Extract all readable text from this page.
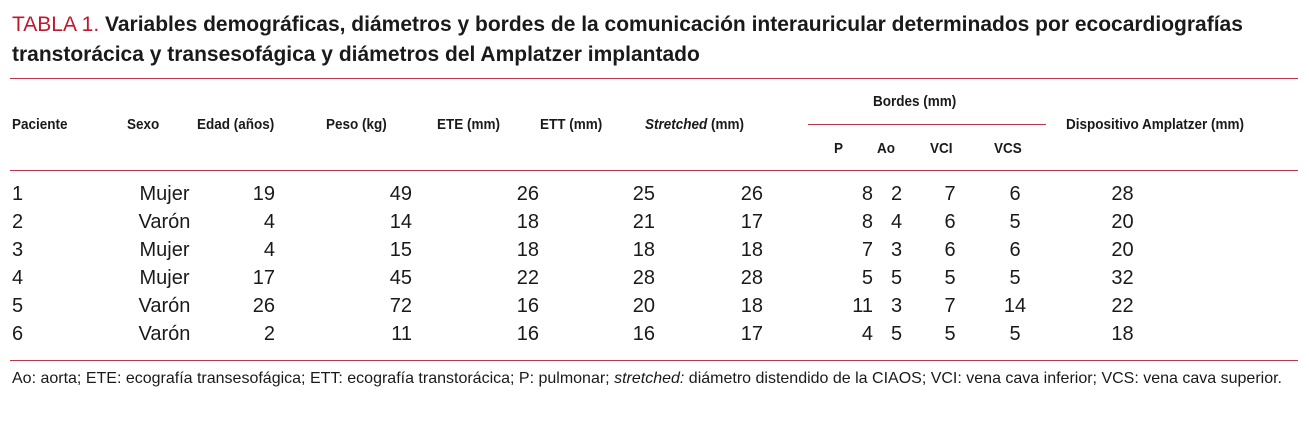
TABLA 1. Variables demográficas, diámetros y bordes de la comunicación interauricular determinados por ecocardiografías transtorácica y transesofágica y diámetros del Amplatzer implantado
Paciente	Sexo	Edad (años)	Peso (kg)	ETE (mm)	ETT (mm)	Stretched (mm)
Bordes (mm)
P Ao VCI	VCS
Dispositivo Amplatzer (mm)
1	Mujer	19	49	26	25	26	8	2	7	6	28
2	Varón	4	14	18	21	17	8	4	6	5	20
3	Mujer	4	15	18	18	18	7	3	6	6	20
4	Mujer	17	45	22	28	28	5	5	5	5	32
5	Varón	26	72	16	20	18	11	3	7	14	22
6	Varón	2	11	16	16	17	4	5	5	5	18
Ao: aorta; ETE: ecografía transesofágica; ETT: ecografía transtorácica; P: pulmonar; stretched: diámetro distendido de la CIAOS; VCI: vena cava inferior; VCS: vena cava superior.
